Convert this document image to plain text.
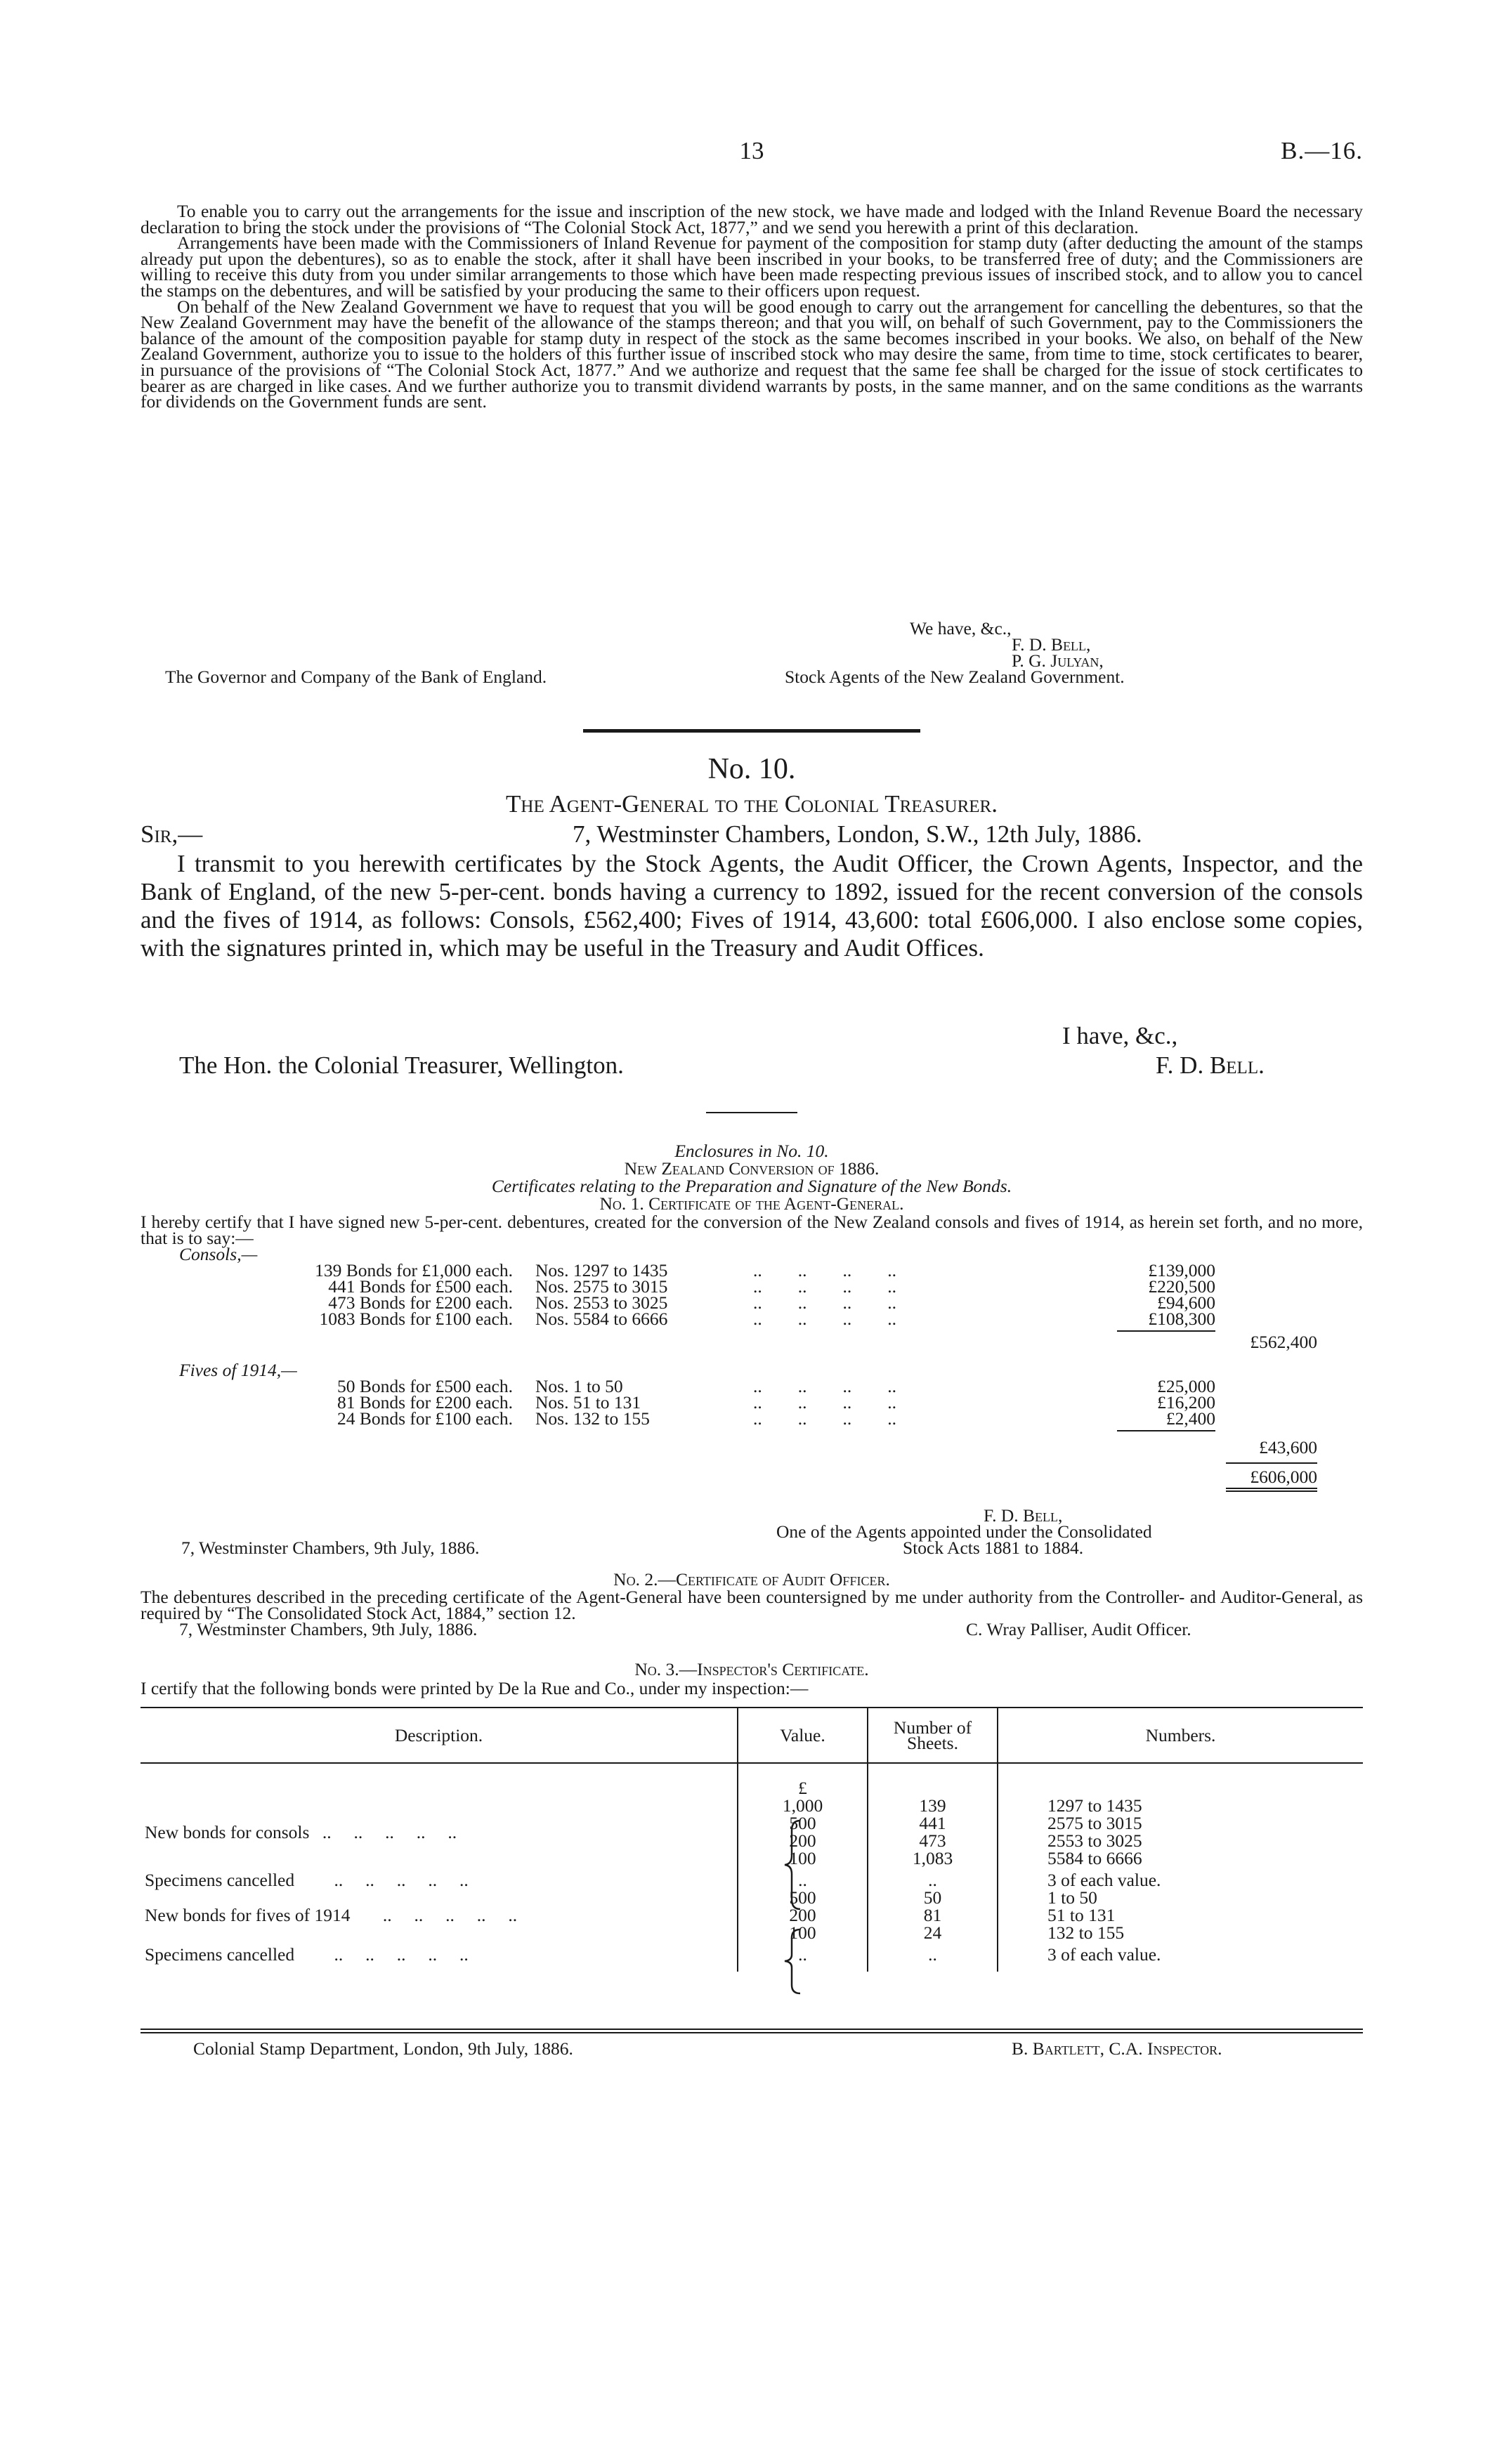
13	B.—16.

To enable you to carry out the arrangements for the issue and inscription of the new stock, we have made and lodged with the Inland Revenue Board the necessary declaration to bring the stock under the provisions of “The Colonial Stock Act, 1877,” and we send you herewith a print of this declaration.

Arrangements have been made with the Commissioners of Inland Revenue for payment of the composition for stamp duty (after deducting the amount of the stamps already put upon the debentures), so as to enable the stock, after it shall have been inscribed in your books, to be transferred free of duty; and the Commissioners are willing to receive this duty from you under similar arrangements to those which have been made respecting previous issues of inscribed stock, and to allow you to cancel the stamps on the debentures, and will be satisfied by your producing the same to their officers upon request.

On behalf of the New Zealand Government we have to request that you will be good enough to carry out the arrangement for cancelling the debentures, so that the New Zealand Government may have the benefit of the allowance of the stamps thereon; and that you will, on behalf of such Government, pay to the Commissioners the balance of the amount of the composition payable for stamp duty in respect of the stock as the same becomes inscribed in your books. We also, on behalf of the New Zealand Government, authorize you to issue to the holders of this further issue of inscribed stock who may desire the same, from time to time, stock certificates to bearer, in pursuance of the provisions of “The Colonial Stock Act, 1877.” And we authorize and request that the same fee shall be charged for the issue of stock certificates to bearer as are charged in like cases. And we further authorize you to transmit dividend warrants by posts, in the same manner, and on the same conditions as the warrants for dividends on the Government funds are sent.

We have, &c.,
F. D. Bell,
P. G. Julyan,
The Governor and Company of the Bank of England.	Stock Agents of the New Zealand Government.
No. 10.
The Agent-General to the Colonial Treasurer.
Sir,—	7, Westminster Chambers, London, S.W., 12th July, 1886.

I transmit to you herewith certificates by the Stock Agents, the Audit Officer, the Crown Agents, Inspector, and the Bank of England, of the new 5-per-cent. bonds having a currency to 1892, issued for the recent conversion of the consols and the fives of 1914, as follows: Consols, £562,400; Fives of 1914, 43,600: total £606,000. I also enclose some copies, with the signatures printed in, which may be useful in the Treasury and Audit Offices.

I have, &c.,
The Hon. the Colonial Treasurer, Wellington.	F. D. Bell.
Enclosures in No. 10.
New Zealand Conversion of 1886.
Certificates relating to the Preparation and Signature of the New Bonds.
No. 1. Certificate of the Agent-General.

I hereby certify that I have signed new 5-per-cent. debentures, created for the conversion of the New Zealand consols and fives of 1914, as herein set forth, and no more, that is to say:—

Consols,—
139 Bonds for £1,000 each. Nos. 1297 to 1435	..        ..        ..        ..	£139,000
441 Bonds for £500 each. Nos. 2575 to 3015	..        ..        ..        ..	£220,500
473 Bonds for £200 each. Nos. 2553 to 3025	..        ..        ..        ..	£94,600
1083 Bonds for £100 each. Nos. 5584 to 6666	..        ..        ..        ..	£108,300
£562,400
Fives of 1914,—
50 Bonds for £500 each. Nos. 1 to 50	..        ..        ..        ..	£25,000
81 Bonds for £200 each. Nos. 51 to 131	..        ..        ..        ..	£16,200
24 Bonds for £100 each. Nos. 132 to 155	..        ..        ..        ..	£2,400
£43,600
£606,000
F. D. Bell,
One of the Agents appointed under the Consolidated
7, Westminster Chambers, 9th July, 1886.	Stock Acts 1881 to 1884.
No. 2.—Certificate of Audit Officer.

The debentures described in the preceding certificate of the Agent-General have been countersigned by me under authority from the Controller- and Auditor-General, as required by “The Consolidated Stock Act, 1884,” section 12.

7, Westminster Chambers, 9th July, 1886.	C. Wray Palliser, Audit Officer.
No. 3.—Inspector's Certificate.
I certify that the following bonds were printed by De la Rue and Co., under my inspection:—
Description.	Value.	Number of Sheets.	Numbers.
	£		
	1,000	139	1297 to 1435
New bonds for consols ..     ..     ..     ..     ..	500	441	2575 to 3015
	200	473	2553 to 3025
	100	1,083	5584 to 6666
Specimens cancelled ..     ..     ..     ..     ..	..	..	3 of each value.
	500	50	1 to 50
New bonds for fives of 1914 ..     ..     ..     ..     ..	200	81	51 to 131
	100	24	132 to 155
Specimens cancelled ..     ..     ..     ..     ..	..	..	3 of each value.
Colonial Stamp Department, London, 9th July, 1886.	B. Bartlett, C.A. Inspector.
